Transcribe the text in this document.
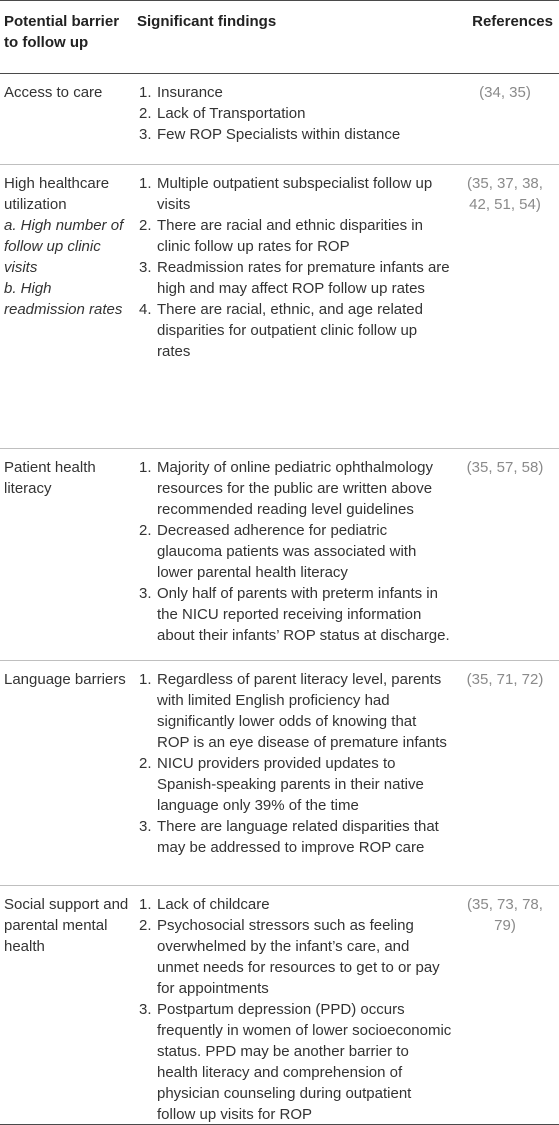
Potential barrier to follow up
Significant findings	References
Access to care	1. Insurance
2. Lack of Transportation
3. Few ROP Specialists within distance
(34, 35)
High healthcare utilization
a. High number of follow up clinic visits
b. High readmission rates
1. Multiple outpatient subspecialist follow up visits
2. There are racial and ethnic disparities in clinic follow up rates for ROP
3. Readmission rates for premature infants are high and may affect ROP follow up rates
4. There are racial, ethnic, and age related disparities for outpatient clinic follow up rates
(35, 37, 38, 42, 51, 54)
Patient health literacy
1. Majority of online pediatric ophthalmology resources for the public are written above recommended reading level guidelines
2. Decreased adherence for pediatric glaucoma patients was associated with lower parental health literacy
3. Only half of parents with preterm infants in the NICU reported receiving information about their infants’ ROP status at discharge.
(35, 57, 58)
Language barriers 1. Regardless of parent literacy level, parents with limited English proficiency had significantly lower odds of knowing that ROP is an eye disease of premature infants
2. NICU providers provided updates to Spanish-speaking parents in their native language only 39% of the time
3. There are language related disparities that may be addressed to improve ROP care
(35, 71, 72)
Social support and parental mental health
1. Lack of childcare
2. Psychosocial stressors such as feeling overwhelmed by the infant’s care, and unmet needs for resources to get to or pay for appointments
3. Postpartum depression (PPD) occurs frequently in women of lower socioeconomic status. PPD may be another barrier to health literacy and comprehension of physician counseling during outpatient follow up visits for ROP
(35, 73, 78, 79)
